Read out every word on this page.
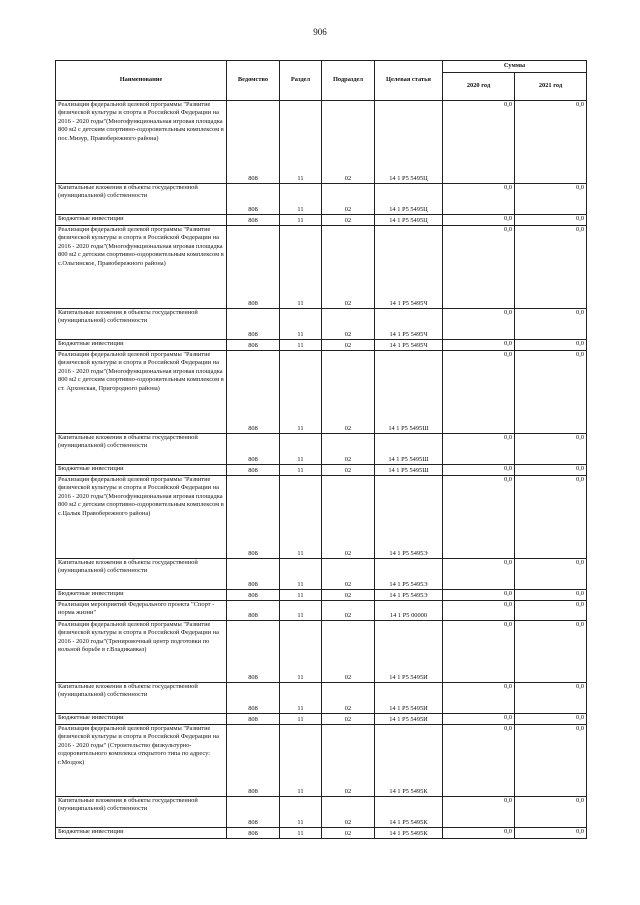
906
Наименование	Ведомство	Раздел	Подраздел	Целевая статья	Суммы	
					2020 год	2021 год
Реализация федеральной целевой программы "Развитие физической культуры и спорта в Российской Федерации на 2016 - 2020 годы"(Многофункциональная игровая площадка 800 м2 с детским спортивно-оздоровительным комплексом в пос.Мизур, Правобережного района)	808	11	02	14 1 Р5 5495Ц	0,0	0,0
Капитальные вложения в объекты государственной (муниципальной) собственности	808	11	02	14 1 Р5 5495Ц	0,0	0,0
Бюджетные инвестиции	808	11	02	14 1 Р5 5495Ц	0,0	0,0
Реализация федеральной целевой программы "Развитие физической культуры и спорта в Российской Федерации на 2016 - 2020 годы"(Многофункциональная игровая площадка 800 м2 с детским спортивно-оздоровительным комплексом в с.Ольгинское, Правобережного района)	808	11	02	14 1 Р5 5495Ч	0,0	0,0
Капитальные вложения в объекты государственной (муниципальной) собственности	808	11	02	14 1 Р5 5495Ч	0,0	0,0
Бюджетные инвестиции	808	11	02	14 1 Р5 5495Ч	0,0	0,0
Реализация федеральной целевой программы "Развитие физической культуры и спорта в Российской Федерации на 2016 - 2020 годы"(Многофункциональная игровая площадка 800 м2 с детским спортивно-оздоровительным комплексом в ст. Архонская, Пригородного района)	808	11	02	14 1 Р5 5495Ш	0,0	0,0
Капитальные вложения в объекты государственной (муниципальной) собственности	808	11	02	14 1 Р5 5495Ш	0,0	0,0
Бюджетные инвестиции	808	11	02	14 1 Р5 5495Ш	0,0	0,0
Реализация федеральной целевой программы "Развитие физической культуры и спорта в Российской Федерации на 2016 - 2020 годы"(Многофункциональная игровая площадка 800 м2 с детским спортивно-оздоровительным комплексом в с.Цалык Правобережного района)	808	11	02	14 1 Р5 5495Э	0,0	0,0
Капитальные вложения в объекты государственной (муниципальной) собственности	808	11	02	14 1 Р5 5495Э	0,0	0,0
Бюджетные инвестиции	808	11	02	14 1 Р5 5495Э	0,0	0,0
Реализация мероприятий Федерального проекта "Спорт - норма жизни"	808	11	02	14 1 Р5 00000	0,0	0,0
Реализация федеральной целевой программы "Развитие физической культуры и спорта в Российской Федерации на 2016 - 2020 годы"(Тренировочный центр подготовки по вольной борьбе в г.Владикавказ)	808	11	02	14 1 Р5 5495И	0,0	0,0
Капитальные вложения в объекты государственной (муниципальной) собственности	808	11	02	14 1 Р5 5495И	0,0	0,0
Бюджетные инвестиции	808	11	02	14 1 Р5 5495И	0,0	0,0
Реализация федеральной целевой программы "Развитие физической культуры и спорта в Российской Федерации на 2016 - 2020 годы" (Строительство физкультурно-оздоровительного комплекса открытого типа по адресу: г.Моздок)	808	11	02	14 1 Р5 5495К	0,0	0,0
Капитальные вложения в объекты государственной (муниципальной) собственности	808	11	02	14 1 Р5 5495К	0,0	0,0
Бюджетные инвестиции	808	11	02	14 1 Р5 5495К	0,0	0,0
